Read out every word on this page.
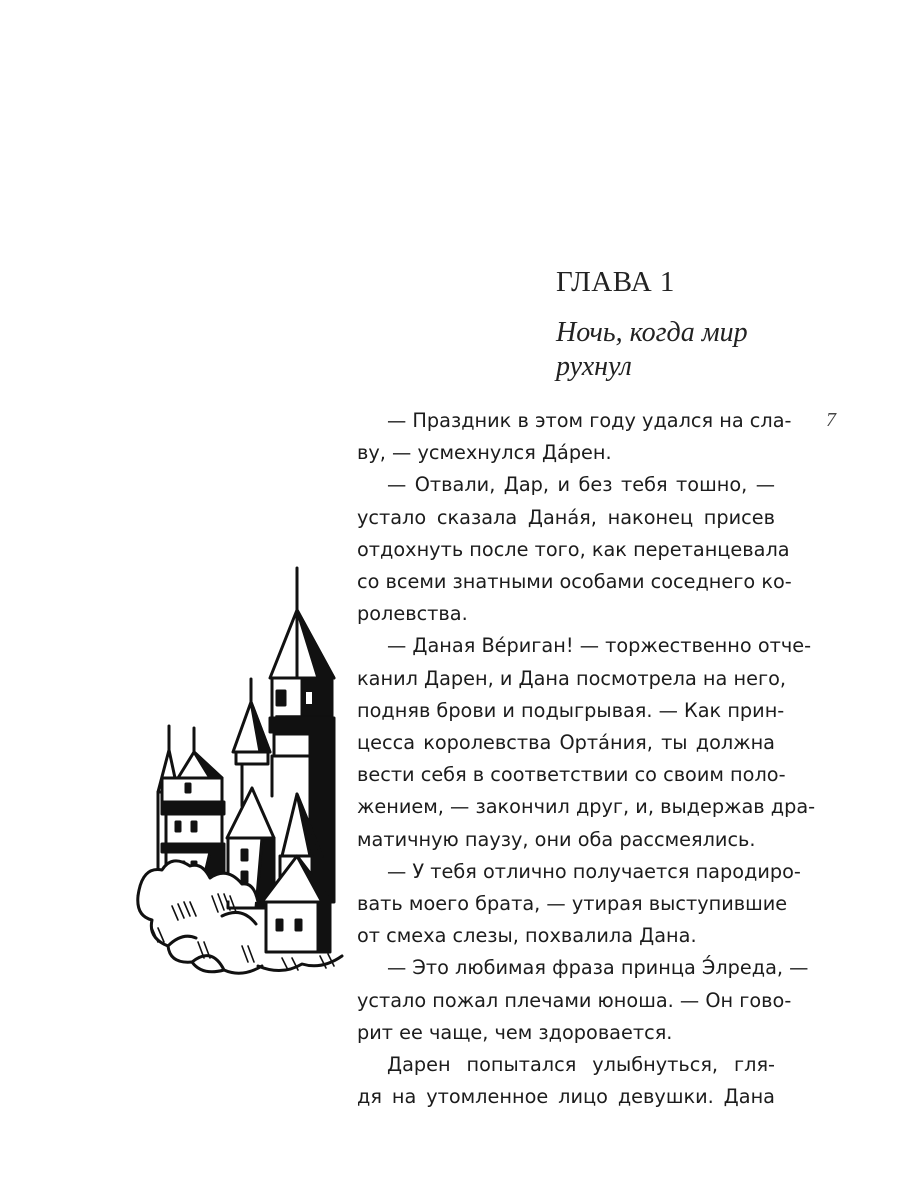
ГЛАВА 1
Ночь, когда мир
рухнул
7

— Праздник в этом году удался на сла-
ву, — усмехнулся Да́рен.

— Отвали, Дар, и без тебя тошно, —
устало сказала Дана́я, наконец присев
отдохнуть после того, как перетанцевала
со всеми знатными особами соседнего ко-
ролевства.

— Даная Ве́риган! — торжественно отче-
канил Дарен, и Дана посмотрела на него,
подняв брови и подыгрывая. — Как прин-
цесса королевства Орта́ния, ты должна
вести себя в соответствии со своим поло-
жением, — закончил друг, и, выдержав дра-
матичную паузу, они оба рассмеялись.

— У тебя отлично получается пародиро-
вать моего брата, — утирая выступившие
от смеха слезы, похвалила Дана.

— Это любимая фраза принца Э́лреда, —
устало пожал плечами юноша. — Он гово-
рит ее чаще, чем здоровается.

Дарен попытался улыбнуться, гля-
дя на утомленное лицо девушки. Дана
